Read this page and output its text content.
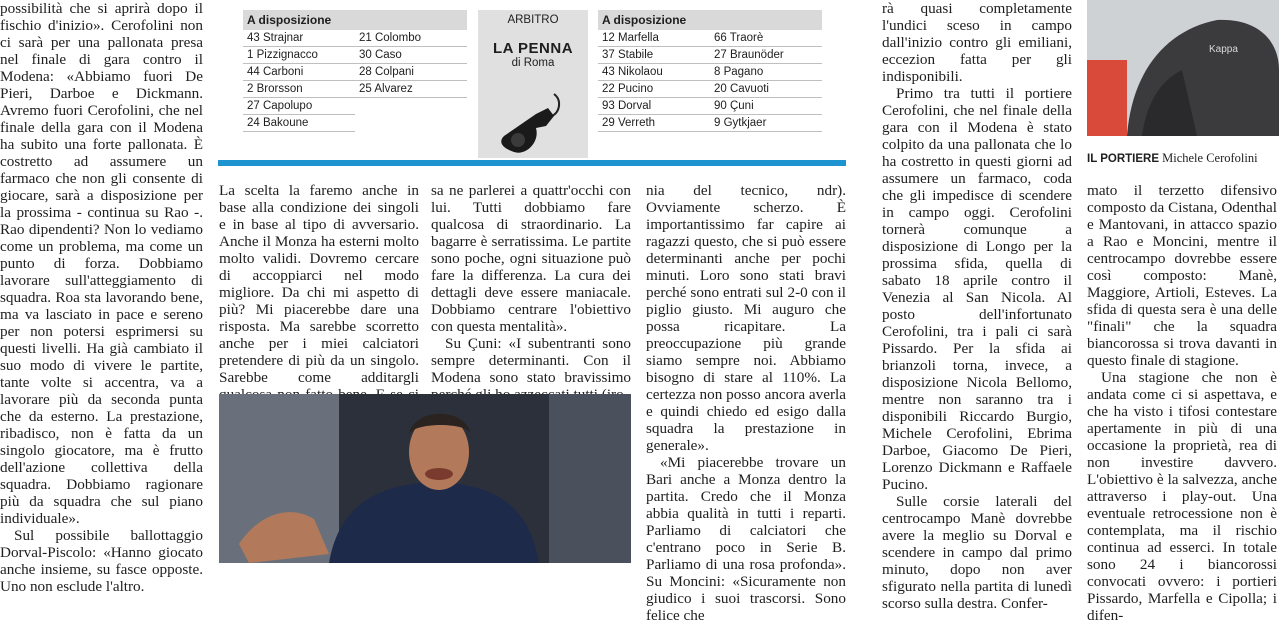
possibilità che si aprirà dopo il fischio d'inizio». Cerofolini non ci sarà per una pallonata presa nel finale di gara contro il Modena: «Abbiamo fuori De Pieri, Darboe e Dickmann. Avremo fuori Cerofolini, che nel finale della gara con il Modena ha subito una forte pallonata. È costretto ad assumere un farmaco che non gli consente di giocare, sarà a disposizione per la prossima - continua su Rao -. Rao dipendenti? Non lo vediamo come un problema, ma come un punto di forza. Dobbiamo lavorare sull'atteggiamento di squadra. Roa sta lavorando bene, ma va lasciato in pace e sereno per non potersi esprimersi su questi livelli. Ha già cambiato il suo modo di vivere le partite, tante volte si accentra, va a lavorare più da seconda punta che da esterno. La prestazione, ribadisco, non è fatta da un singolo giocatore, ma è frutto dell'azione collettiva della squadra. Dobbiamo ragionare più da squadra che sul piano individuale».

Sul possibile ballottaggio Dorval-Piscolo: «Hanno giocato anche insieme, su fasce opposte. Uno non esclude l'altro.

A disposizione
43 Strajnar
1 Pizzignacco
44 Carboni
2 Brorsson
27 Capolupo
24 Bakoune
21 Colombo
30 Caso
28 Colpani
25 Alvarez
ARBITRO
LA PENNA
di Roma
A disposizione
12 Marfella
37 Stabile
43 Nikolaou
22 Pucino
93 Dorval
29 Verreth
66 Traorè
27 Braunöder
8 Pagano
20 Cavuoti
90 Çuni
9 Gytkjaer

La scelta la faremo anche in base alla condizione dei singoli e in base al tipo di avversario. Anche il Monza ha esterni molto molto validi. Dovremo cercare di accoppiarci nel modo migliore. Da chi mi aspetto di più? Mi piacerebbe dare una risposta. Ma sarebbe scorretto anche per i miei calciatori pretendere di più da un singolo. Sarebbe come additargli

sa ne parlerei a quattr'occhi con lui. Tutti dobbiamo fare qualcosa di straordinario. La bagarre è serratissima. Le partite sono poche, ogni situazione può fare la differenza. La cura dei dettagli deve essere maniacale. Dobbiamo centrare l'obiettivo con questa mentalità».

Su Çuni: «I subentranti sono sempre determinanti. Con il Modena sono stato bravissimo

nia del tecnico, ndr). Ovviamente scherzo. È importantissimo far capire ai ragazzi questo, che si può essere determinanti anche per pochi minuti. Loro sono stati bravi perché sono entrati sul 2-0 con il piglio giusto. Mi auguro che possa ricapitare. La preoccupazione più grande siamo sempre noi. Abbiamo bisogno di stare al 110%. La certezza non posso ancora averla e quindi chiedo ed esigo dalla squadra la prestazione in generale».

«Mi piacerebbe trovare un Bari anche a Monza dentro la partita. Credo che il Monza abbia qualità in tutti i reparti. Parliamo di calciatori che c'entrano poco in Serie B. Parliamo di una rosa profonda». Su Moncini: «Sicuramente non giudico i suoi trascorsi. Sono felice che

rà quasi completamente l'undici sceso in campo dall'inizio contro gli emiliani, eccezion fatta per gli indisponibili.

Primo tra tutti il portiere Cerofolini, che nel finale della gara con il Modena è stato colpito da una pallonata che lo ha costretto in questi giorni ad assumere un farmaco, coda che gli impedisce di scendere in campo oggi. Cerofolini tornerà comunque a disposizione di Longo per la prossima sfida, quella di sabato 18 aprile contro il Venezia al San Nicola. Al posto dell'infortunato Cerofolini, tra i pali ci sarà Pissardo. Per la sfida ai brianzoli torna, invece, a disposizione Nicola Bellomo, mentre non saranno tra i disponibili Riccardo Burgio, Michele Cerofolini, Ebrima Darboe, Giacomo De Pieri, Lorenzo Dickmann e Raffaele Pucino.

Sulle corsie laterali del centrocampo Manè dovrebbe avere la meglio su Dorval e scendere in campo dal primo minuto, dopo non aver sfigurato nella partita di lunedì scorso sulla destra. Confer-

Kappa
IL PORTIERE Michele Cerofolini

mato il terzetto difensivo composto da Cistana, Odenthal e Mantovani, in attacco spazio a Rao e Moncini, mentre il centrocampo dovrebbe essere così composto: Manè, Maggiore, Artioli, Esteves. La sfida di questa sera è una delle "finali" che la squadra biancorossa si trova davanti in questo finale di stagione.

Una stagione che non è andata come ci si aspettava, e che ha visto i tifosi contestare apertamente in più di una occasione la proprietà, rea di non investire davvero. L'obiettivo è la salvezza, anche attraverso i play-out. Una eventuale retrocessione non è contemplata, ma il rischio continua ad esserci. In totale sono 24 i biancorossi convocati ovvero: i portieri Pissardo, Marfella e Cipolla; i difen-
